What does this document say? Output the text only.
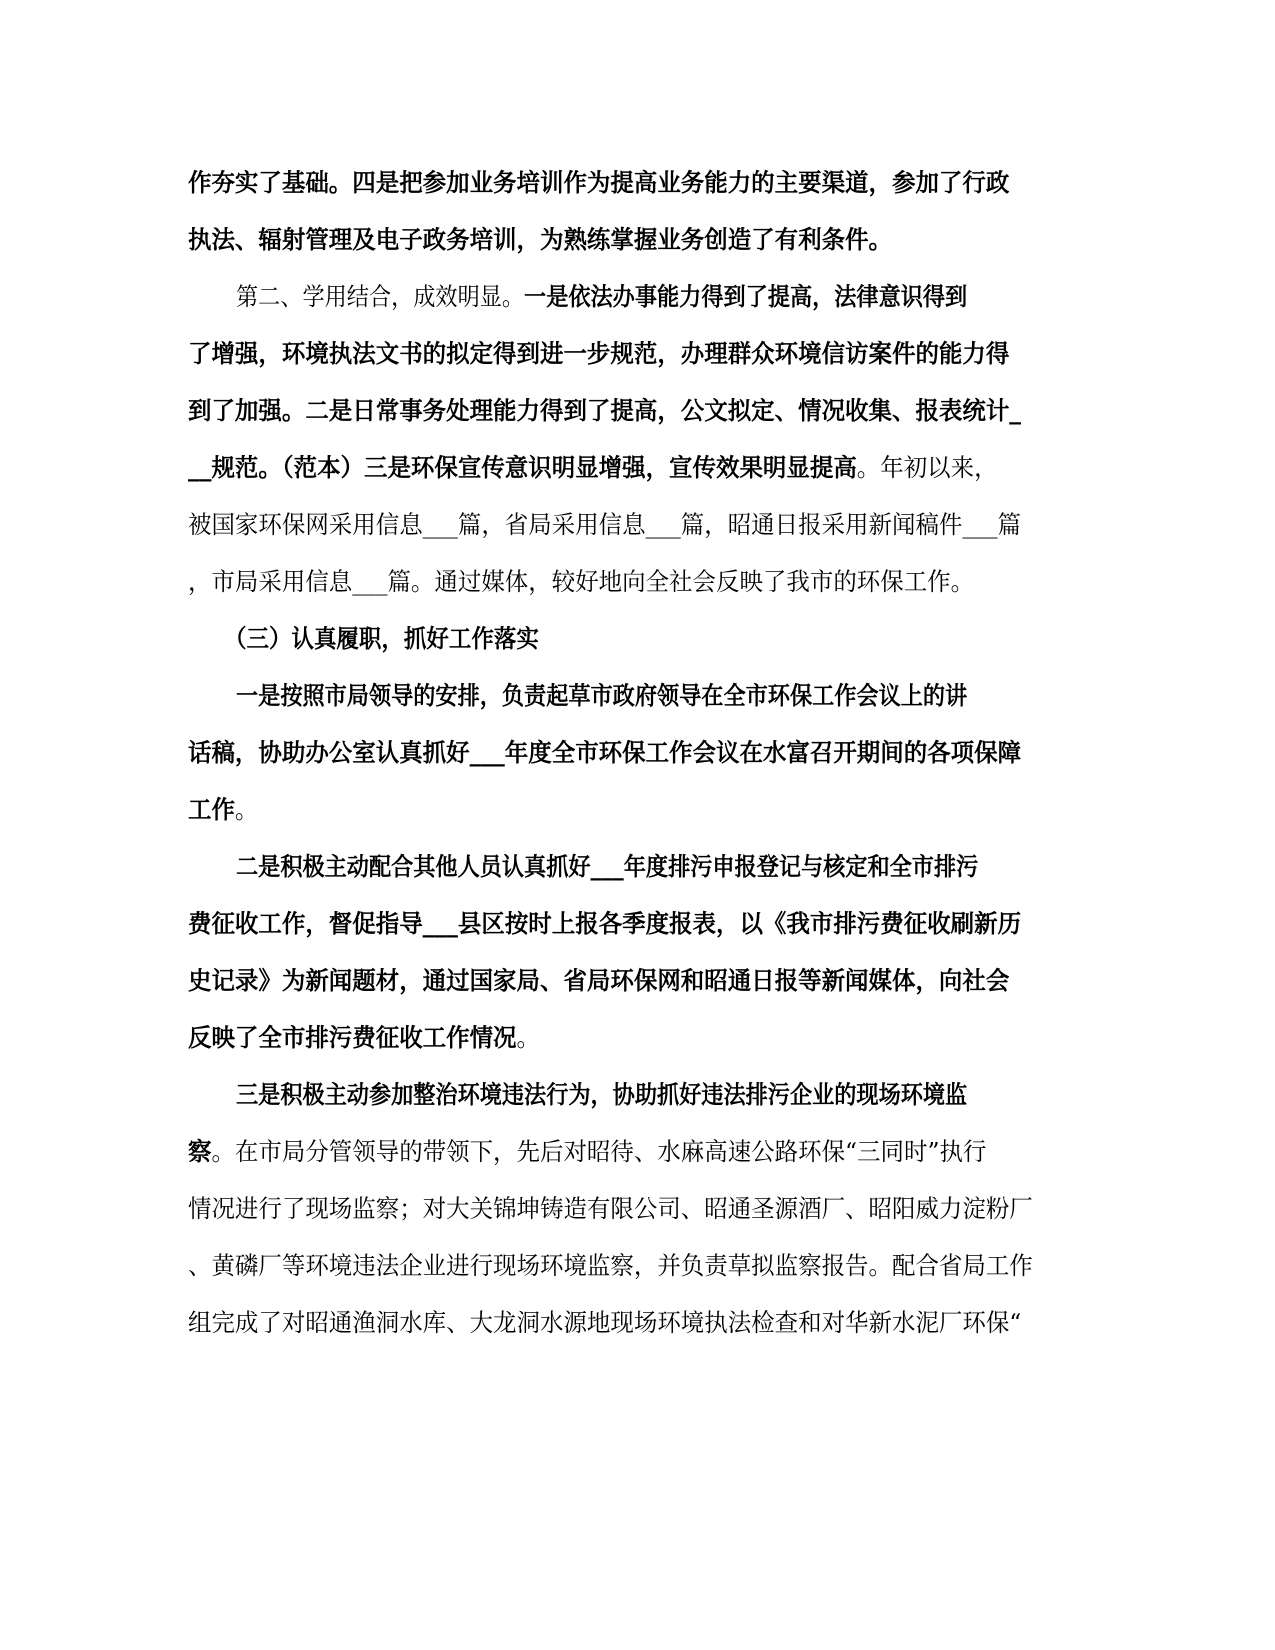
作夯实了基础。四是把参加业务培训作为提高业务能力的主要渠道，参加了行政
执法、辐射管理及电子政务培训，为熟练掌握业务创造了有利条件。
第二、学用结合，成效明显。一是依法办事能力得到了提高，法律意识得到
了增强，环境执法文书的拟定得到进一步规范，办理群众环境信访案件的能力得
到了加强。二是日常事务处理能力得到了提高，公文拟定、情况收集、报表统计_
__规范。（范本）三是环保宣传意识明显增强，宣传效果明显提高。年初以来，
被国家环保网采用信息___篇，省局采用信息___篇，昭通日报采用新闻稿件___篇
，市局采用信息___篇。通过媒体，较好地向全社会反映了我市的环保工作。
（三）认真履职，抓好工作落实
一是按照市局领导的安排，负责起草市政府领导在全市环保工作会议上的讲
话稿，协助办公室认真抓好___年度全市环保工作会议在水富召开期间的各项保障
工作。
二是积极主动配合其他人员认真抓好___年度排污申报登记与核定和全市排污
费征收工作，督促指导___县区按时上报各季度报表，以《我市排污费征收刷新历
史记录》为新闻题材，通过国家局、省局环保网和昭通日报等新闻媒体，向社会
反映了全市排污费征收工作情况。
三是积极主动参加整治环境违法行为，协助抓好违法排污企业的现场环境监
察。在市局分管领导的带领下，先后对昭待、水麻高速公路环保“三同时”执行
情况进行了现场监察；对大关锦坤铸造有限公司、昭通圣源酒厂、昭阳威力淀粉厂
、黄磷厂等环境违法企业进行现场环境监察，并负责草拟监察报告。配合省局工作
组完成了对昭通渔洞水库、大龙洞水源地现场环境执法检查和对华新水泥厂环保“
